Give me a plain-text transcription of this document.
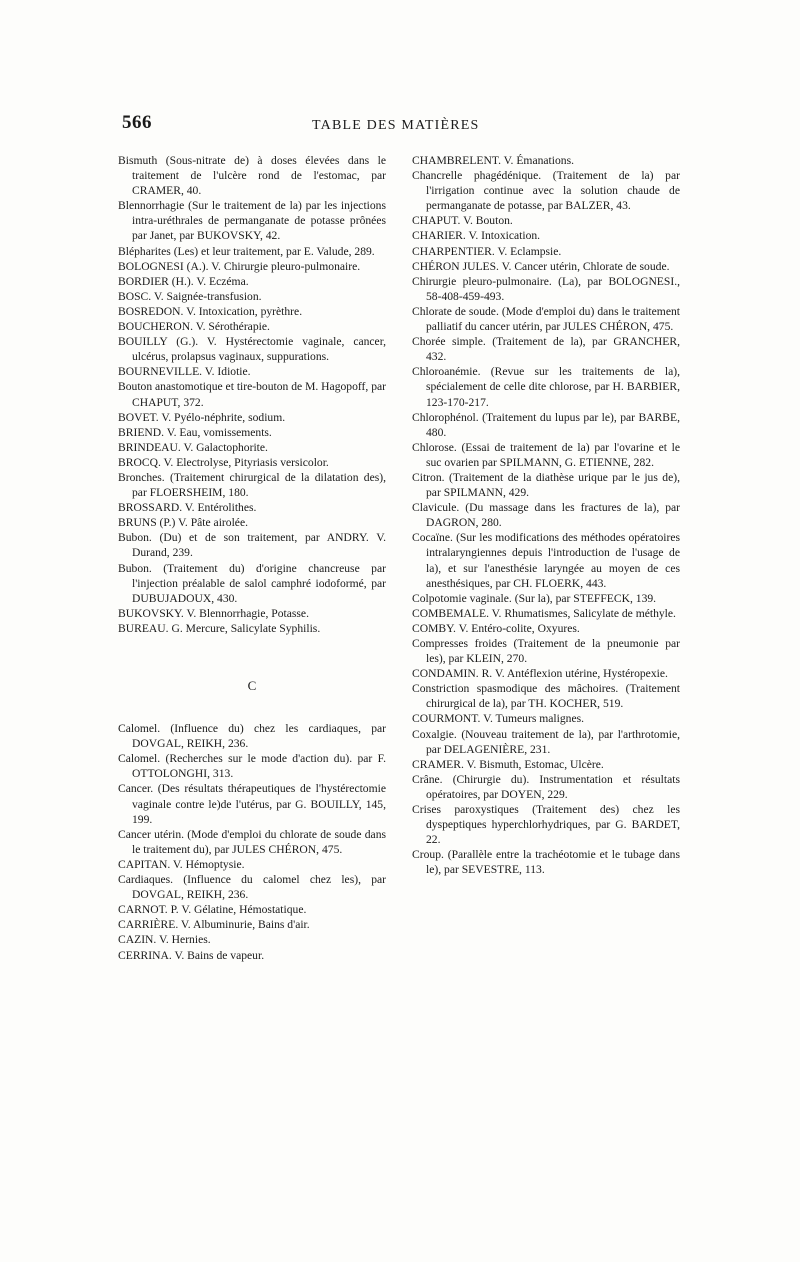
566	TABLE DES MATIÈRES

Bismuth (Sous-nitrate de) à doses élevées dans le traitement de l'ulcère rond de l'estomac, par CRAMER, 40.

Blennorrhagie (Sur le traitement de la) par les injections intra-uréthrales de permanganate de potasse prônées par Janet, par BUKOVSKY, 42.

Blépharites (Les) et leur traitement, par E. Valude, 289.

BOLOGNESI (A.). V. Chirurgie pleuro-pulmonaire.

BORDIER (H.). V. Eczéma.

BOSC. V. Saignée-transfusion.

BOSREDON. V. Intoxication, pyrèthre.

BOUCHERON. V. Sérothérapie.

BOUILLY (G.). V. Hystérectomie vaginale, cancer, ulcérus, prolapsus vaginaux, suppurations.

BOURNEVILLE. V. Idiotie.

Bouton anastomotique et tire-bouton de M. Hagopoff, par CHAPUT, 372.

BOVET. V. Pyélo-néphrite, sodium.

BRIEND. V. Eau, vomissements.

BRINDEAU. V. Galactophorite.

BROCQ. V. Electrolyse, Pityriasis versicolor.

Bronches. (Traitement chirurgical de la dilatation des), par FLOERSHEIM, 180.

BROSSARD. V. Entérolithes.

BRUNS (P.) V. Pâte airolée.

Bubon. (Du) et de son traitement, par ANDRY. V. Durand, 239.

Bubon. (Traitement du) d'origine chancreuse par l'injection préalable de salol camphré iodoformé, par DUBUJADOUX, 430.

BUKOVSKY. V. Blennorrhagie, Potasse.

BUREAU. G. Mercure, Salicylate Syphilis.

C

Calomel. (Influence du) chez les cardiaques, par DOVGAL, REIKH, 236.

Calomel. (Recherches sur le mode d'action du). par F. OTTOLONGHI, 313.

Cancer. (Des résultats thérapeutiques de l'hystérectomie vaginale contre le)de l'utérus, par G. BOUILLY, 145, 199.

Cancer utérin. (Mode d'emploi du chlorate de soude dans le traitement du), par JULES CHÉRON, 475.

CAPITAN. V. Hémoptysie.

Cardiaques. (Influence du calomel chez les), par DOVGAL, REIKH, 236.

CARNOT. P. V. Gélatine, Hémostatique.

CARRIÈRE. V. Albuminurie, Bains d'air.

CAZIN. V. Hernies.

CERRINA. V. Bains de vapeur.

CHAMBRELENT. V. Émanations.

Chancrelle phagédénique. (Traitement de la) par l'irrigation continue avec la solution chaude de permanganate de potasse, par BALZER, 43.

CHAPUT. V. Bouton.

CHARIER. V. Intoxication.

CHARPENTIER. V. Eclampsie.

CHÉRON JULES. V. Cancer utérin, Chlorate de soude.

Chirurgie pleuro-pulmonaire. (La), par BOLOGNESI., 58-408-459-493.

Chlorate de soude. (Mode d'emploi du) dans le traitement palliatif du cancer utérin, par JULES CHÉRON, 475.

Chorée simple. (Traitement de la), par GRANCHER, 432.

Chloroanémie. (Revue sur les traitements de la), spécialement de celle dite chlorose, par H. BARBIER, 123-170-217.

Chlorophénol. (Traitement du lupus par le), par BARBE, 480.

Chlorose. (Essai de traitement de la) par l'ovarine et le suc ovarien par SPILMANN, G. ETIENNE, 282.

Citron. (Traitement de la diathèse urique par le jus de), par SPILMANN, 429.

Clavicule. (Du massage dans les fractures de la), par DAGRON, 280.

Cocaïne. (Sur les modifications des méthodes opératoires intralaryngiennes depuis l'introduction de l'usage de la), et sur l'anesthésie laryngée au moyen de ces anesthésiques, par CH. FLOERK, 443.

Colpotomie vaginale. (Sur la), par STEFFECK, 139.

COMBEMALE. V. Rhumatismes, Salicylate de méthyle.

COMBY. V. Entéro-colite, Oxyures.

Compresses froides (Traitement de la pneumonie par les), par KLEIN, 270.

CONDAMIN. R. V. Antéflexion utérine, Hystéropexie.

Constriction spasmodique des mâchoires. (Traitement chirurgical de la), par TH. KOCHER, 519.

COURMONT. V. Tumeurs malignes.

Coxalgie. (Nouveau traitement de la), par l'arthrotomie, par DELAGENIÈRE, 231.

CRAMER. V. Bismuth, Estomac, Ulcère.

Crâne. (Chirurgie du). Instrumentation et résultats opératoires, par DOYEN, 229.

Crises paroxystiques (Traitement des) chez les dyspeptiques hyperchlorhydriques, par G. BARDET, 22.

Croup. (Parallèle entre la trachéotomie et le tubage dans le), par SEVESTRE, 113.
